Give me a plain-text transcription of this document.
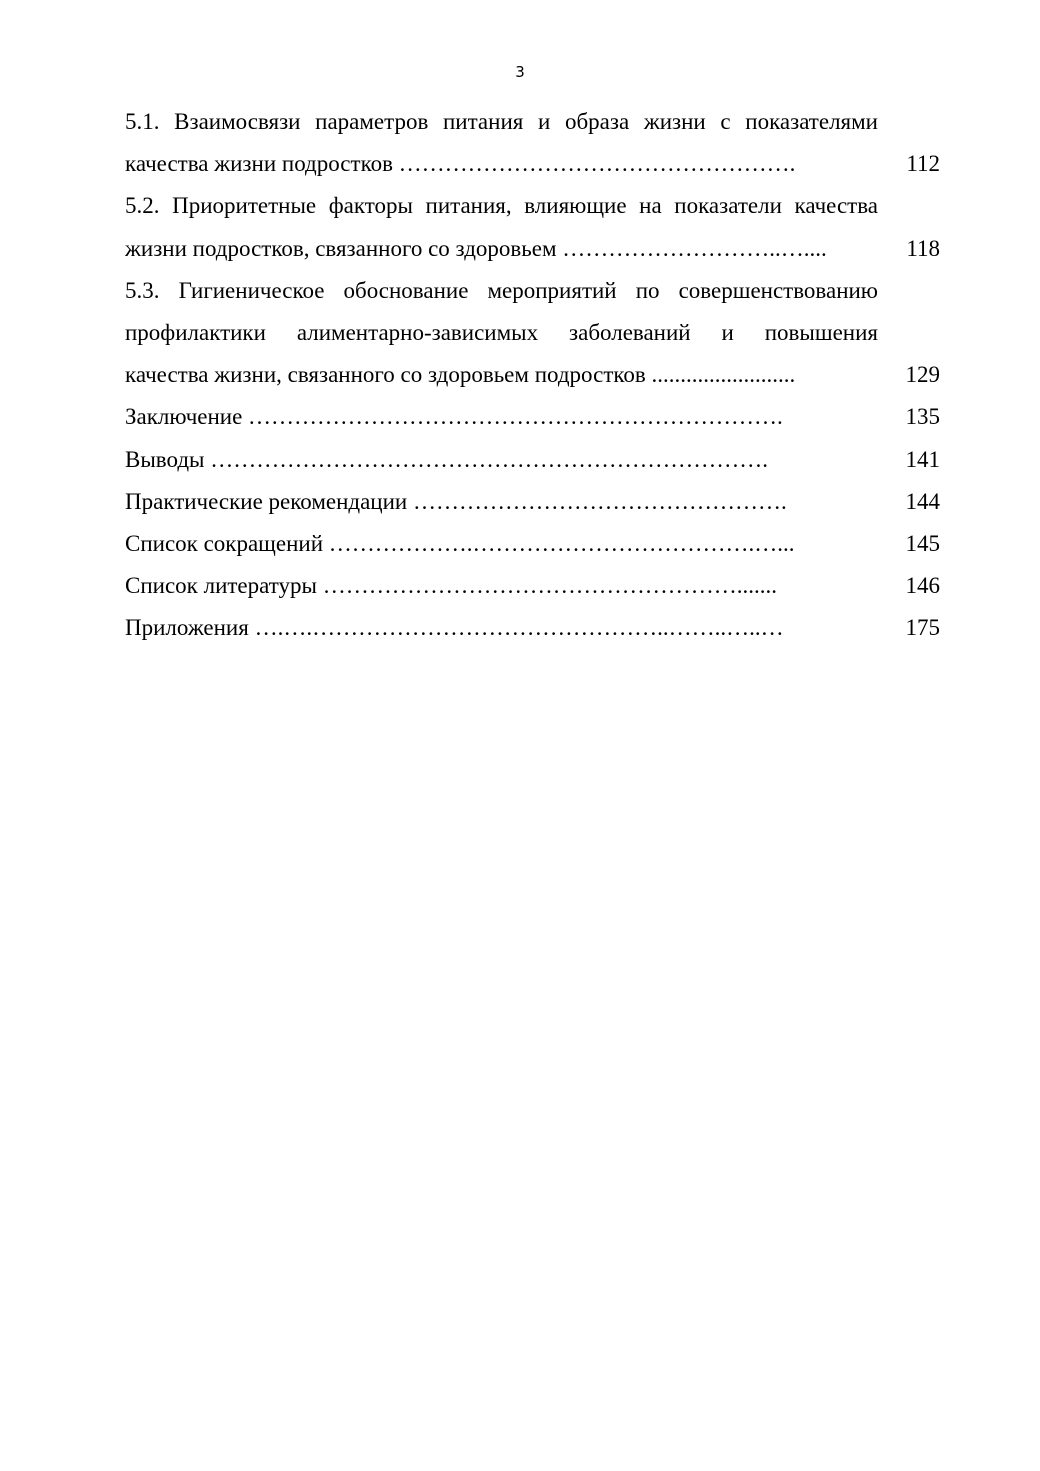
3
5.1. Взаимосвязи параметров питания и образа жизни с показателями
качества жизни подростков …………………………………………….	112
5.2. Приоритетные факторы питания, влияющие на показатели качества
жизни подростков, связанного со здоровьем ………………………..…....	118
5.3. Гигиеническое обоснование мероприятий по совершенствованию
профилактики алиментарно-зависимых заболеваний и повышения
качества жизни, связанного со здоровьем подростков .........................	129
Заключение …………………………………………………………….	135
Выводы ……………………………………………………………….	141
Практические рекомендации ………………………………………….	144
Список сокращений ……………….……………………………….…...	145
Список литературы ……………………………………………….......	146
Приложения ….….………………………………………..……..…..…	175
